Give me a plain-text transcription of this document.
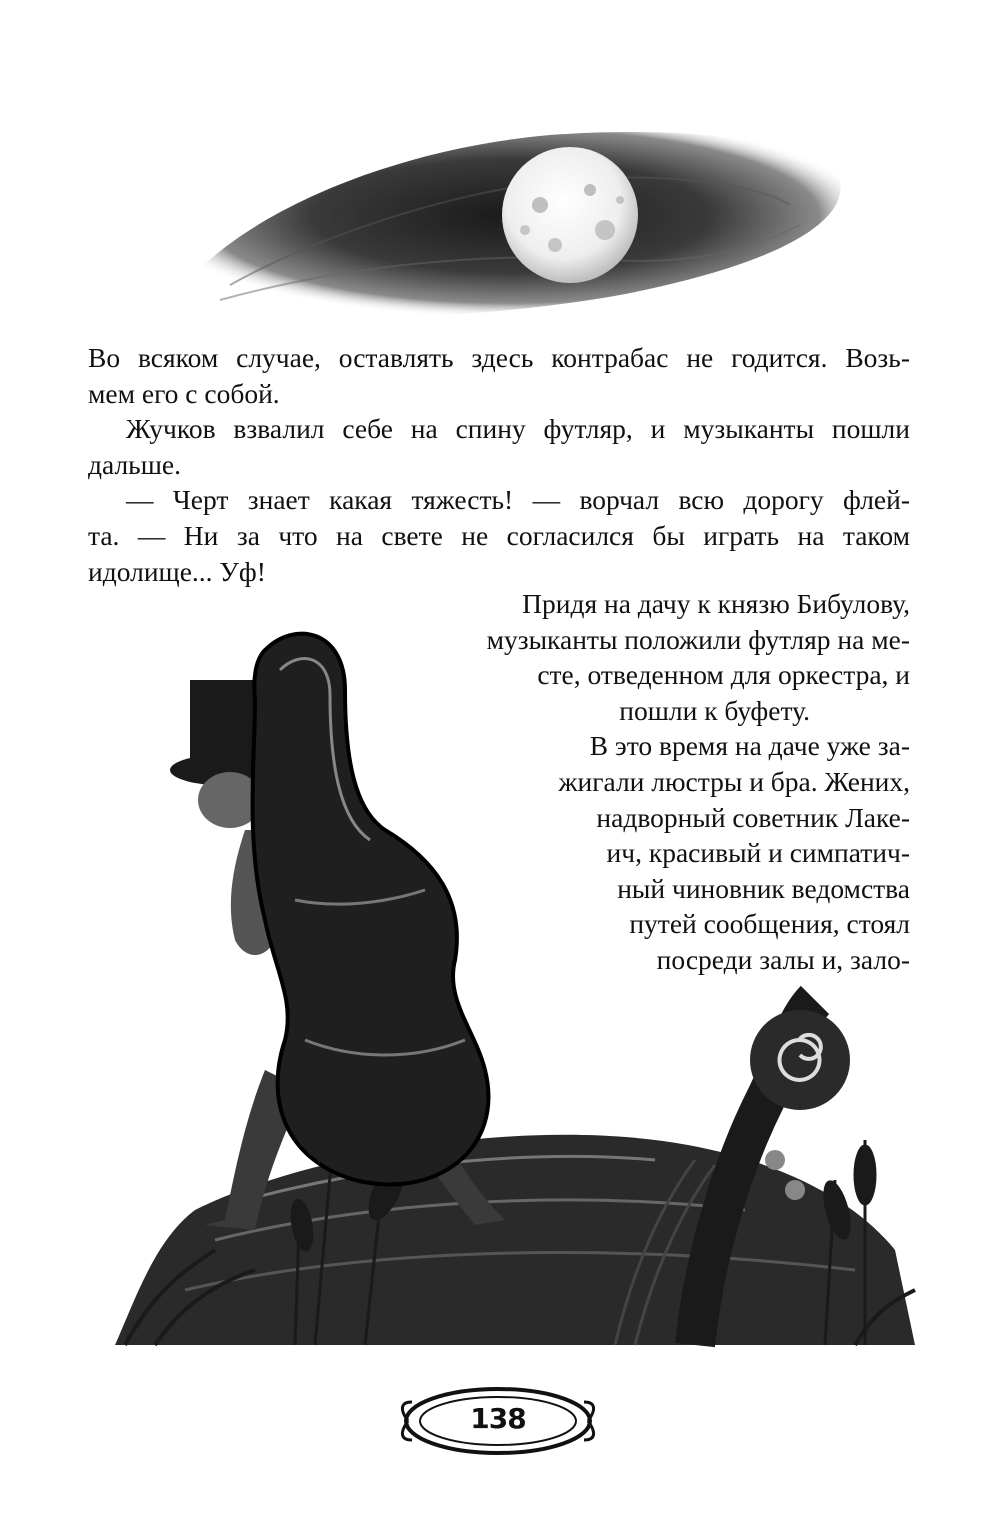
Во всяком случае, оставлять здесь контрабас не годится. Возь-
мем его с собой.
Жучков взвалил себе на спину футляр, и музыканты пошли
дальше.
— Черт знает какая тяжесть! — ворчал всю дорогу флей-
та. — Ни за что на свете не согласился бы играть на таком
идолище... Уф!
Придя на дачу к князю Бибулову,
музыканты положили футляр на ме-
сте, отведенном для оркестра, и
пошли к буфету.
В это время на даче уже за-
жигали люстры и бра. Жених,
надворный советник Лаке-
ич, красивый и симпатич-
ный чиновник ведомства
путей сообщения, стоял
посреди залы и, зало-
138
